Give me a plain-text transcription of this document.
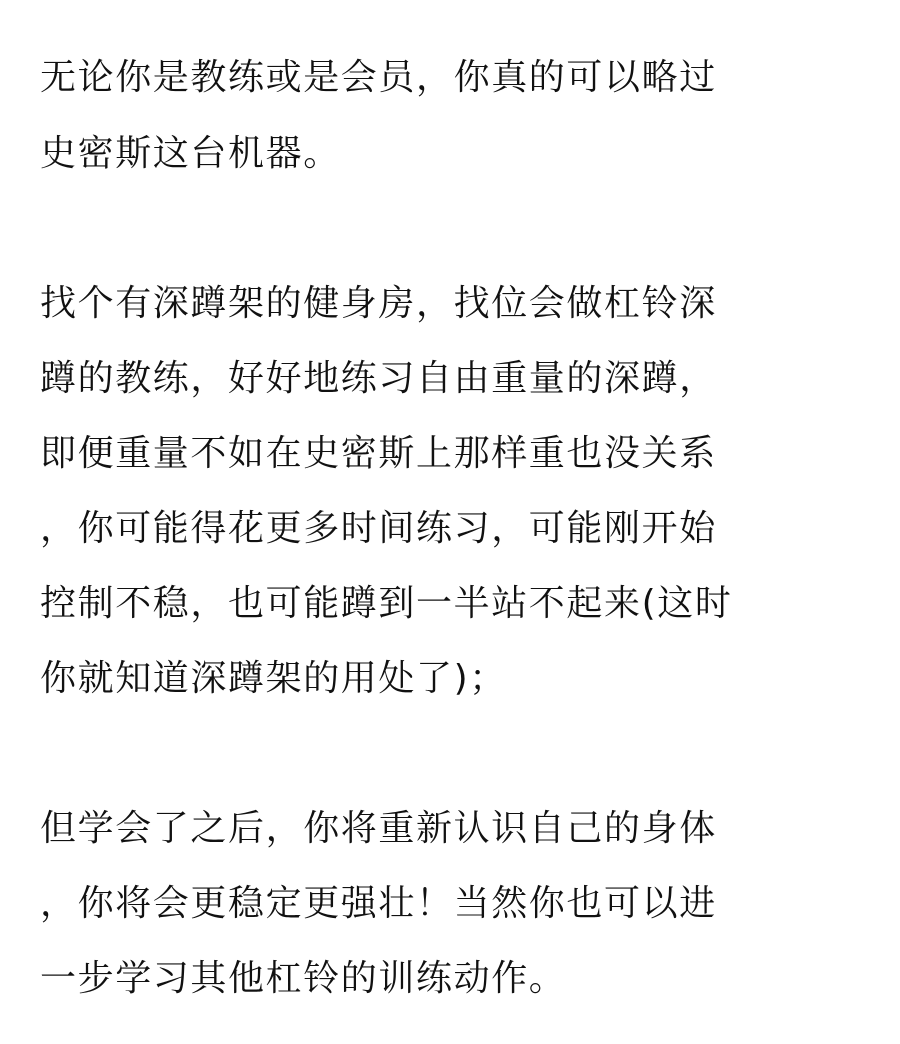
无论你是教练或是会员，你真的可以略过
史密斯这台机器。
找个有深蹲架的健身房，找位会做杠铃深
蹲的教练，好好地练习自由重量的深蹲，
即便重量不如在史密斯上那样重也没关系
，你可能得花更多时间练习，可能刚开始
控制不稳，也可能蹲到一半站不起来(这时
你就知道深蹲架的用处了)；
但学会了之后，你将重新认识自己的身体
，你将会更稳定更强壮！当然你也可以进
一步学习其他杠铃的训练动作。
